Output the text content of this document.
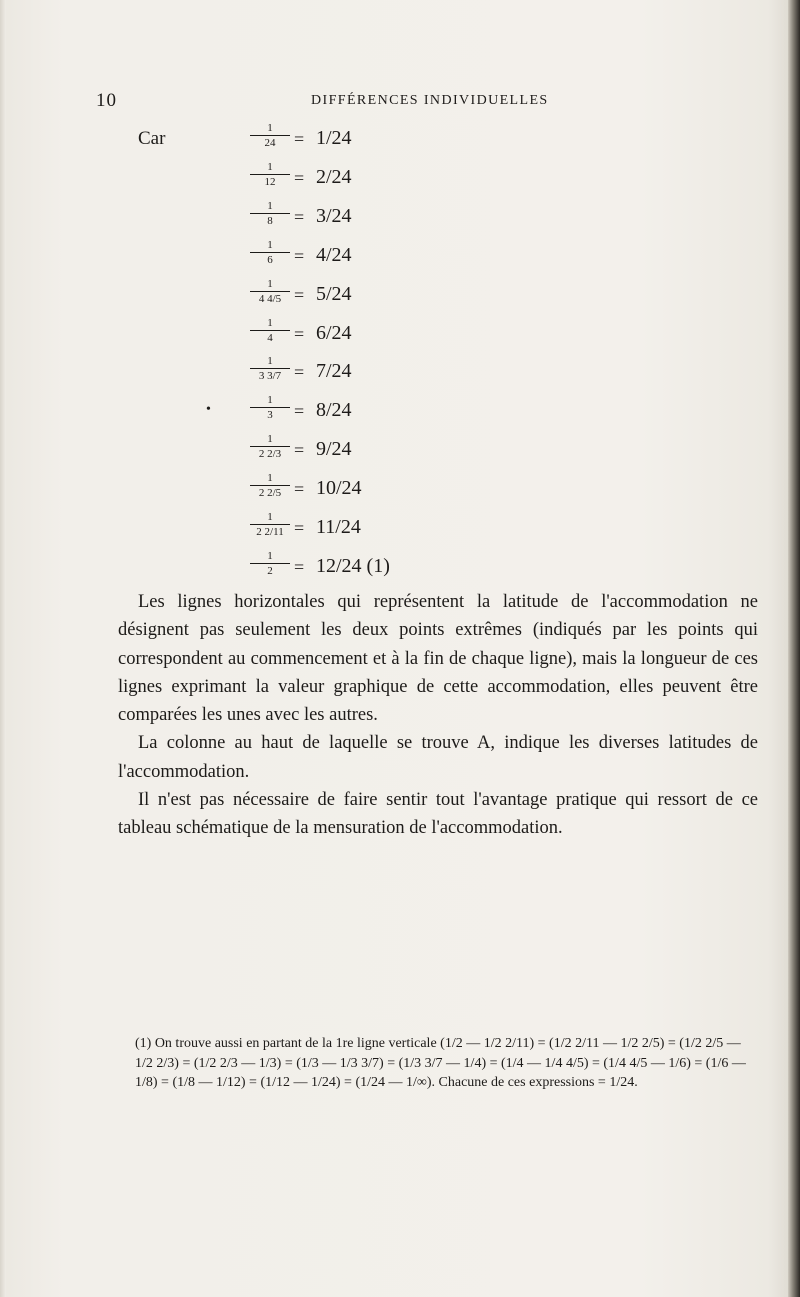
10	DIFFÉRENCES INDIVIDUELLES
Car	1
24 = 1/24
1
12 = 2/24
1
8 = 3/24
1
6 = 4/24
1
4 4/5 = 5/24
1
4 = 6/24
1
3 3/7 = 7/24
1
3 = 8/24
1
2 2/3 = 9/24
1
2 2/5 = 10/24
1
2 2/11 = 11/24
1
2 = 12/24 (1)
•

Les lignes horizontales qui représentent la latitude de l'accommodation ne désignent pas seulement les deux points extrêmes (indiqués par les points qui correspondent au commencement et à la fin de chaque ligne), mais la longueur de ces lignes exprimant la valeur graphique de cette accommodation, elles peuvent être comparées les unes avec les autres.

La colonne au haut de laquelle se trouve A, indique les diverses latitudes de l'accommodation.

Il n'est pas nécessaire de faire sentir tout l'avantage pratique qui ressort de ce tableau schématique de la mensuration de l'accommodation.

(1) On trouve aussi en partant de la 1re ligne verticale (1/2 — 1/2 2/11) = (1/2 2/11 — 1/2 2/5) = (1/2 2/5 — 1/2 2/3) = (1/2 2/3 — 1/3) = (1/3 — 1/3 3/7) = (1/3 3/7 — 1/4) = (1/4 — 1/4 4/5) = (1/4 4/5 — 1/6) = (1/6 — 1/8) = (1/8 — 1/12) = (1/12 — 1/24) = (1/24 — 1/∞). Chacune de ces expressions = 1/24.
